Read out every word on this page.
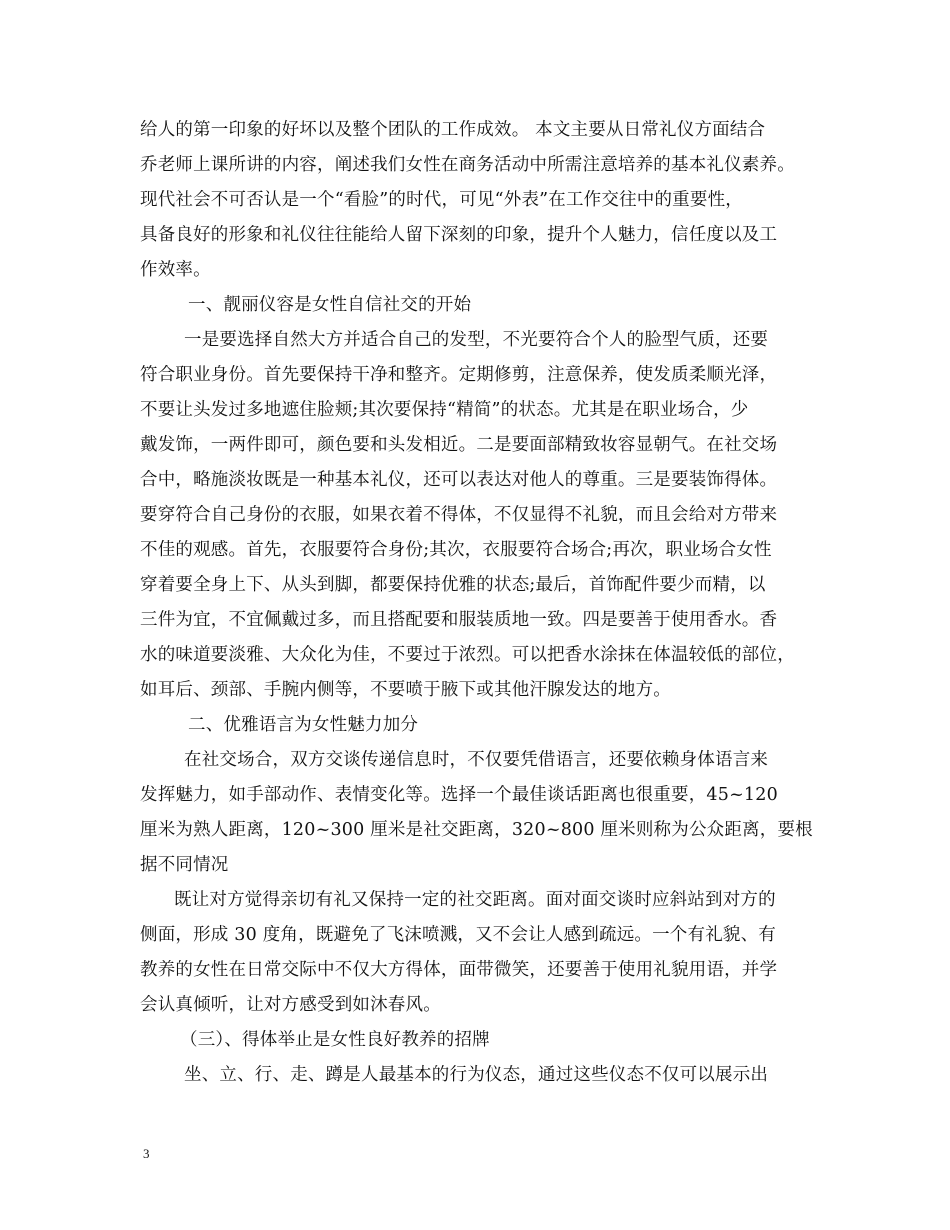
给人的第一印象的好坏以及整个团队的工作成效。 本文主要从日常礼仪方面结合
乔老师上课所讲的内容，阐述我们女性在商务活动中所需注意培养的基本礼仪素养。
现代社会不可否认是一个“看脸”的时代，可见“外表”在工作交往中的重要性，
具备良好的形象和礼仪往往能给人留下深刻的印象，提升个人魅力，信任度以及工
作效率。
一、靓丽仪容是女性自信社交的开始
一是要选择自然大方并适合自己的发型，不光要符合个人的脸型气质，还要
符合职业身份。首先要保持干净和整齐。定期修剪，注意保养，使发质柔顺光泽，
不要让头发过多地遮住脸颊;其次要保持“精简”的状态。尤其是在职业场合，少
戴发饰，一两件即可，颜色要和头发相近。二是要面部精致妆容显朝气。在社交场
合中，略施淡妆既是一种基本礼仪，还可以表达对他人的尊重。三是要装饰得体。
要穿符合自己身份的衣服，如果衣着不得体，不仅显得不礼貌，而且会给对方带来
不佳的观感。首先，衣服要符合身份;其次，衣服要符合场合;再次，职业场合女性
穿着要全身上下、从头到脚，都要保持优雅的状态;最后，首饰配件要少而精，以
三件为宜，不宜佩戴过多，而且搭配要和服装质地一致。四是要善于使用香水。香
水的味道要淡雅、大众化为佳，不要过于浓烈。可以把香水涂抹在体温较低的部位，
如耳后、颈部、手腕内侧等，不要喷于腋下或其他汗腺发达的地方。
二、优雅语言为女性魅力加分
在社交场合，双方交谈传递信息时，不仅要凭借语言，还要依赖身体语言来
发挥魅力，如手部动作、表情变化等。选择一个最佳谈话距离也很重要，45~120
厘米为熟人距离，120~300 厘米是社交距离，320~800 厘米则称为公众距离，要根
据不同情况
既让对方觉得亲切有礼又保持一定的社交距离。面对面交谈时应斜站到对方的
侧面，形成 30 度角，既避免了飞沫喷溅，又不会让人感到疏远。一个有礼貌、有
教养的女性在日常交际中不仅大方得体，面带微笑，还要善于使用礼貌用语，并学
会认真倾听，让对方感受到如沐春风。
（三）、得体举止是女性良好教养的招牌
坐、立、行、走、蹲是人最基本的行为仪态，通过这些仪态不仅可以展示出
3
